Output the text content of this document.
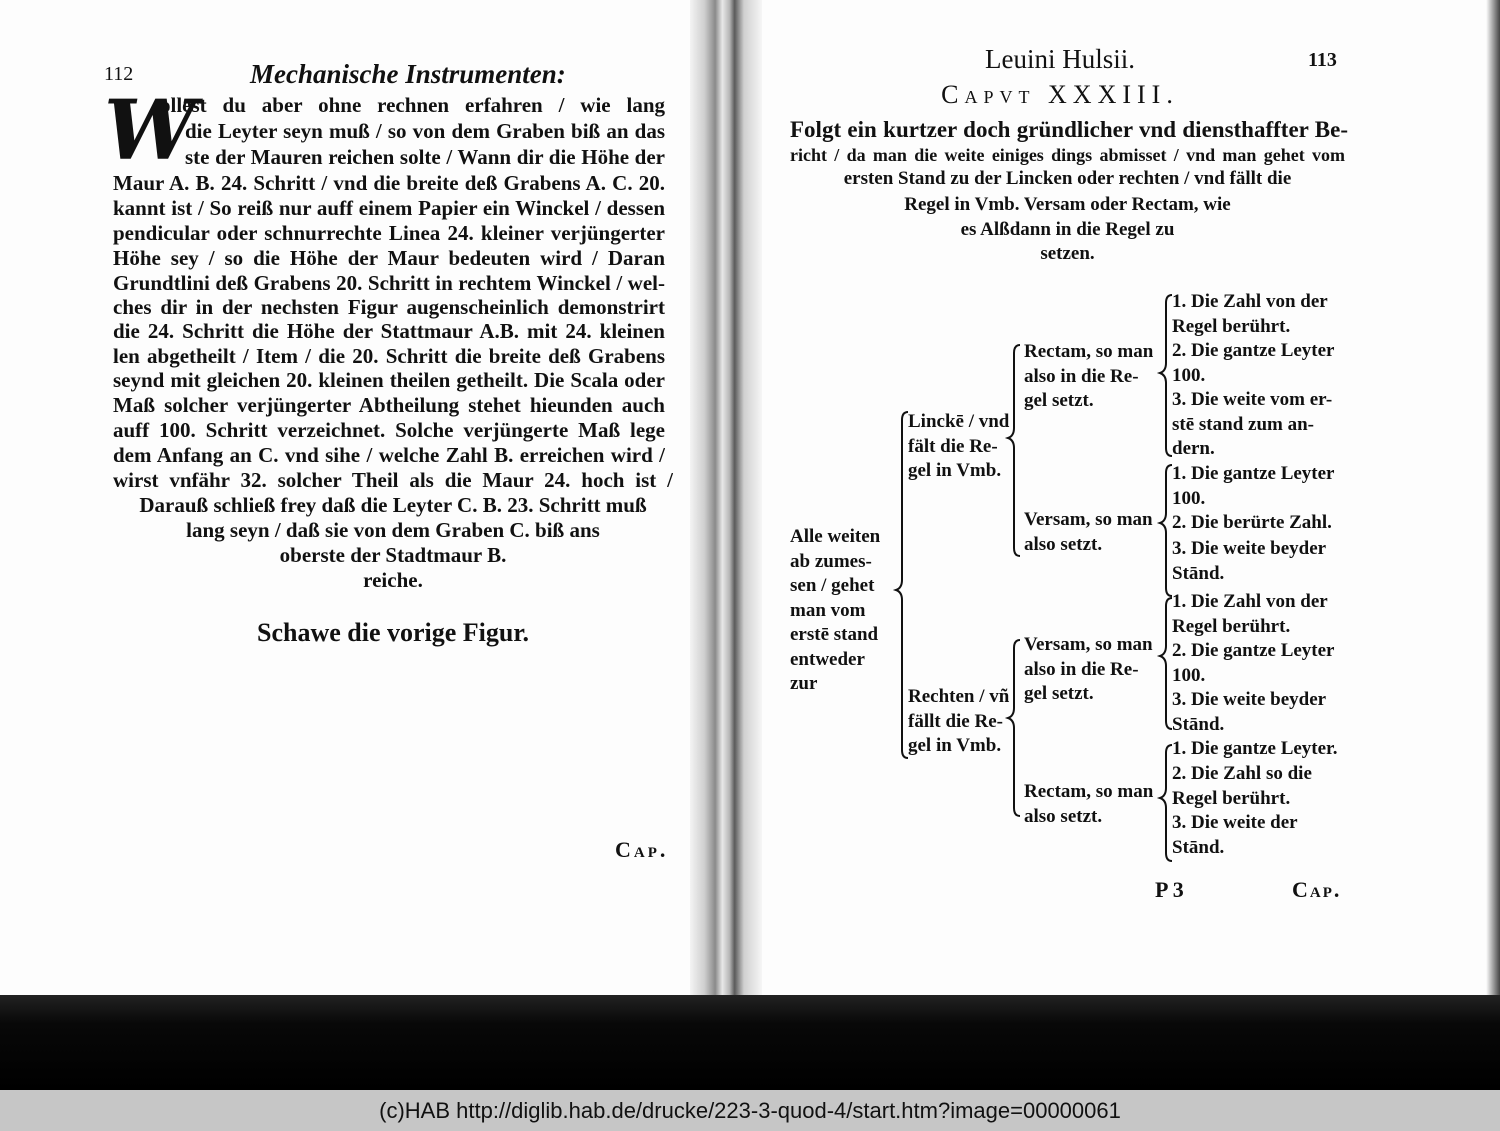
112	Mechanische Instrumenten:
W
ollest du aber ohne rechnen erfahren / wie lang
die Leyter seyn muß / so von dem Graben biß an das
ste der Mauren reichen solte / Wann dir die Höhe der
Maur A. B. 24. Schritt / vnd die breite deß Grabens A. C. 20.
kannt ist / So reiß nur auff einem Papier ein Winckel / dessen
pendicular oder schnurrechte Linea 24. kleiner verjüngerter
Höhe sey / so die Höhe der Maur bedeuten wird / Daran
Grundtlini deß Grabens 20. Schritt in rechtem Winckel / wel-
ches dir in der nechsten Figur augenscheinlich demonstrirt
die 24. Schritt die Höhe der Stattmaur A.B. mit 24. kleinen
len abgetheilt / Item / die 20. Schritt die breite deß Grabens
seynd mit gleichen 20. kleinen theilen getheilt. Die Scala oder
Maß solcher verjüngerter Abtheilung stehet hieunden auch
auff 100. Schritt verzeichnet. Solche verjüngerte Maß lege
dem Anfang an C. vnd sihe / welche Zahl B. erreichen wird /
wirst vnfähr 32. solcher Theil als die Maur 24. hoch ist /
Darauß schließ frey daß die Leyter C. B. 23. Schritt muß
lang seyn / daß sie von dem Graben C. biß ans
oberste der Stadtmaur B.
reiche.
Schawe die vorige Figur.
Cap.
Leuini Hulsii.	113
Capvt XXXIII.
Folgt ein kurtzer doch gründlicher vnd diensthaffter Be-
richt / da man die weite einiges dings abmisset / vnd man gehet vom
ersten Stand zu der Lincken oder rechten / vnd fällt die
Regel in Vmb. Versam oder Rectam, wie
es Alßdann in die Regel zu
setzen.
Alle weiten
ab zumes-
sen / gehet
man vom
erstē stand
entweder
zur
Linckē / vnd
fält die Re-
gel in Vmb.
Rechten / vñ
fällt die Re-
gel in Vmb.
Rectam, so man
also in die Re-
gel setzt.
Versam, so man
also setzt.
Versam, so man
also in die Re-
gel setzt.
Rectam, so man
also setzt.
1. Die Zahl von der
Regel berührt.
2. Die gantze Leyter
100.
3. Die weite vom er-
stē stand zum an-
dern.
1. Die gantze Leyter
100.
2. Die berürte Zahl.
3. Die weite beyder
Stānd.
1. Die Zahl von der
Regel berührt.
2. Die gantze Leyter
100.
3. Die weite beyder
Stānd.
1. Die gantze Leyter.
2. Die Zahl so die
Regel berührt.
3. Die weite der
Stānd.
P 3	Cap.
(c)HAB http://diglib.hab.de/drucke/223-3-quod-4/start.htm?image=00000061
